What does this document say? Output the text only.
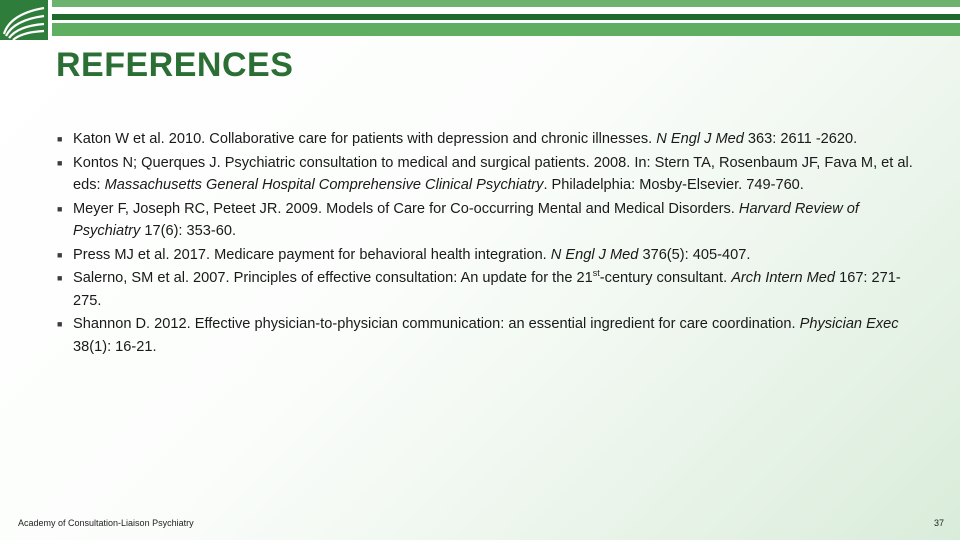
REFERENCES
■ Katon W et al. 2010. Collaborative care for patients with depression and chronic illnesses. N Engl J Med 363: 2611 -2620.
■ Kontos N; Querques J. Psychiatric consultation to medical and surgical patients. 2008. In: Stern TA, Rosenbaum JF, Fava M, et al. eds: Massachusetts General Hospital Comprehensive Clinical Psychiatry. Philadelphia: Mosby-Elsevier. 749-760.
■ Meyer F, Joseph RC, Peteet JR. 2009. Models of Care for Co-occurring Mental and Medical Disorders. Harvard Review of Psychiatry 17(6): 353-60.
■ Press MJ et al. 2017. Medicare payment for behavioral health integration. N Engl J Med 376(5): 405-407.
■ Salerno, SM et al. 2007. Principles of effective consultation: An update for the 21st-century consultant. Arch Intern Med 167: 271-275.
■ Shannon D. 2012. Effective physician-to-physician communication: an essential ingredient for care coordination. Physician Exec 38(1): 16-21.
Academy of Consultation-Liaison Psychiatry	37
